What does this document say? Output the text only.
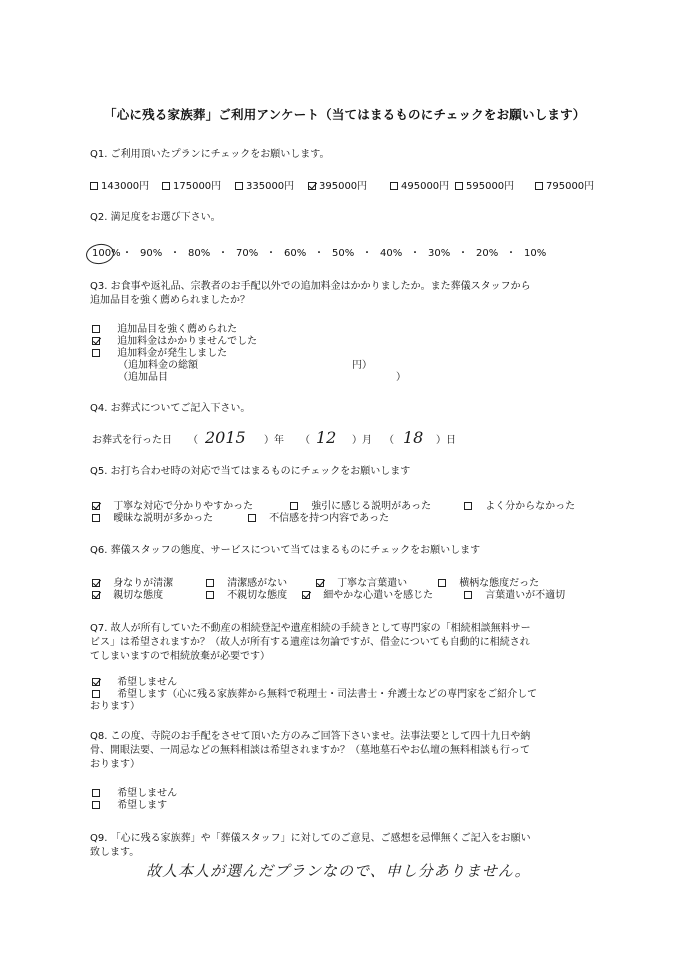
「心に残る家族葬」ご利用アンケート（当てはまるものにチェックをお願いします）
Q1. ご利用頂いたプランにチェックをお願いします。
143000円	175000円	335000円	395000円	495000円	595000円	795000円
Q2. 満足度をお選び下さい。
100% ・ 90% ・ 80% ・ 70% ・ 60% ・ 50% ・ 40% ・ 30% ・ 20% ・ 10%
Q3. お食事や返礼品、宗教者のお手配以外での追加料金はかかりましたか。また葬儀スタッフから
追加品目を強く薦められましたか？
追加品目を強く薦められた
追加料金はかかりませんでした
追加料金が発生しました
（追加料金の総額	円）
（追加品目	）
Q4. お葬式についてご記入下さい。
お葬式を行った日 （ 2015 ）年 （ 12 ）月 （ 18 ）日
Q5. お打ち合わせ時の対応で当てはまるものにチェックをお願いします
丁寧な対応で分かりやすかった	強引に感じる説明があった	よく分からなかった
曖昧な説明が多かった	不信感を持つ内容であった
Q6. 葬儀スタッフの態度、サービスについて当てはまるものにチェックをお願いします
身なりが清潔	清潔感がない	丁寧な言葉遣い	横柄な態度だった
親切な態度	不親切な態度	細やかな心遣いを感じた	言葉遣いが不適切
Q7. 故人が所有していた不動産の相続登記や遺産相続の手続きとして専門家の「相続相談無料サー
ビス」は希望されますか？（故人が所有する遺産は勿論ですが、借金についても自動的に相続され
てしまいますので相続放棄が必要です）
希望しません
希望します（心に残る家族葬から無料で税理士・司法書士・弁護士などの専門家をご紹介して
おります）
Q8. この度、寺院のお手配をさせて頂いた方のみご回答下さいませ。法事法要として四十九日や納
骨、開眼法要、一周忌などの無料相談は希望されますか？（墓地墓石やお仏壇の無料相談も行って
おります）
希望しません
希望します
Q9. 「心に残る家族葬」や「葬儀スタッフ」に対してのご意見、ご感想を忌憚無くご記入をお願い
致します。
故人本人が選んだプランなので、申し分ありません。
